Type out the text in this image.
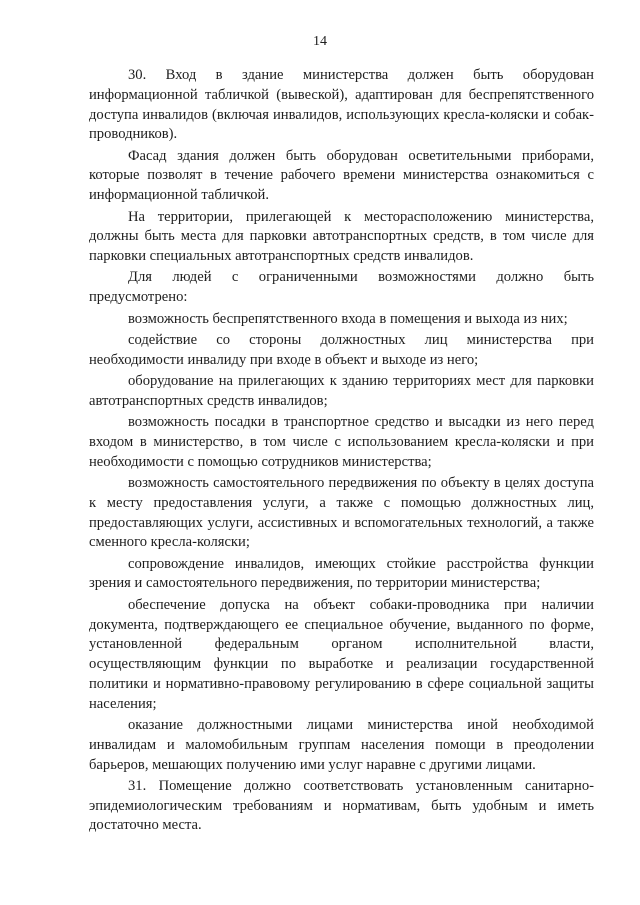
14

30. Вход в здание министерства должен быть оборудован информационной табличкой (вывеской), адаптирован для беспрепятственного доступа инвалидов (включая инвалидов, использующих кресла-коляски и собак-проводников).

Фасад здания должен быть оборудован осветительными приборами, которые позволят в течение рабочего времени министерства ознакомиться с информационной табличкой.

На территории, прилегающей к месторасположению министерства, должны быть места для парковки автотранспортных средств, в том числе для парковки специальных автотранспортных средств инвалидов.

Для людей с ограниченными возможностями должно быть предусмотрено:

возможность беспрепятственного входа в помещения и выхода из них;

содействие со стороны должностных лиц министерства при необходимости инвалиду при входе в объект и выходе из него;

оборудование на прилегающих к зданию территориях мест для парковки автотранспортных средств инвалидов;

возможность посадки в транспортное средство и высадки из него перед входом в министерство, в том числе с использованием кресла-коляски и при необходимости с помощью сотрудников министерства;

возможность самостоятельного передвижения по объекту в целях доступа к месту предоставления услуги, а также с помощью должностных лиц, предоставляющих услуги, ассистивных и вспомогательных технологий, а также сменного кресла-коляски;

сопровождение инвалидов, имеющих стойкие расстройства функции зрения и самостоятельного передвижения, по территории министерства;

обеспечение допуска на объект собаки-проводника при наличии документа, подтверждающего ее специальное обучение, выданного по форме, установленной федеральным органом исполнительной власти, осуществляющим функции по выработке и реализации государственной политики и нормативно-правовому регулированию в сфере социальной защиты населения;

оказание должностными лицами министерства иной необходимой инвалидам и маломобильным группам населения помощи в преодолении барьеров, мешающих получению ими услуг наравне с другими лицами.

31. Помещение должно соответствовать установленным санитарно-эпидемиологическим требованиям и нормативам, быть удобным и иметь достаточно места.
